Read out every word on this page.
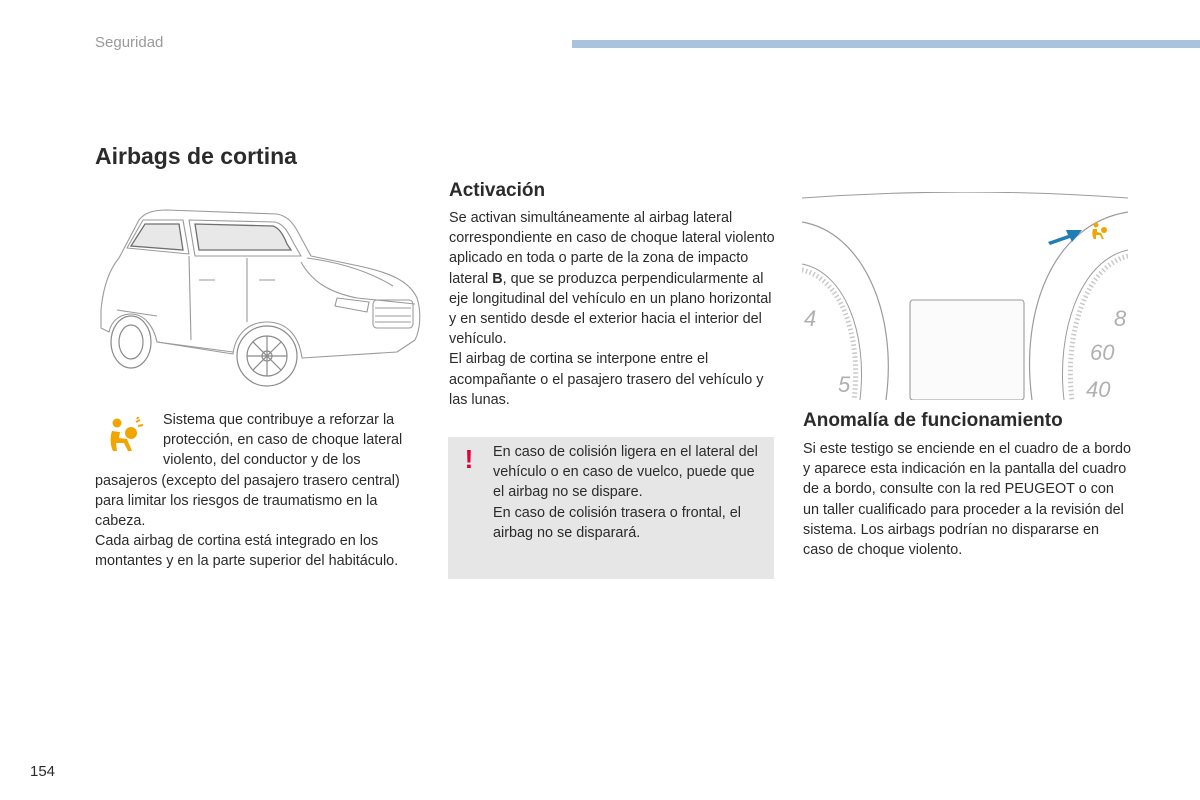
Seguridad
Airbags de cortina

Sistema que contribuye a reforzar la protección, en caso de choque lateral violento, del conductor y de los pasajeros (excepto del pasajero trasero central) para limitar los riesgos de traumatismo en la cabeza.

Cada airbag de cortina está integrado en los montantes y en la parte superior del habitáculo.

Activación

Se activan simultáneamente al airbag lateral correspondiente en caso de choque lateral violento aplicado en toda o parte de la zona de impacto lateral B, que se produzca perpendicularmente al eje longitudinal del vehículo en un plano horizontal y en sentido desde el exterior hacia el interior del vehículo.

El airbag de cortina se interpone entre el acompañante o el pasajero trasero del vehículo y las lunas.

! En caso de colisión ligera en el lateral del vehículo o en caso de vuelco, puede que el airbag no se dispare.

En caso de colisión trasera o frontal, el airbag no se disparará.

4
5
8
60
40
Anomalía de funcionamiento
Si este testigo se enciende en el cuadro de a bordo y aparece esta indicación en la pantalla del cuadro de a bordo, consulte con la red PEUGEOT o con un taller cualificado para proceder a la revisión del sistema. Los airbags podrían no dispararse en caso de choque violento.
154
